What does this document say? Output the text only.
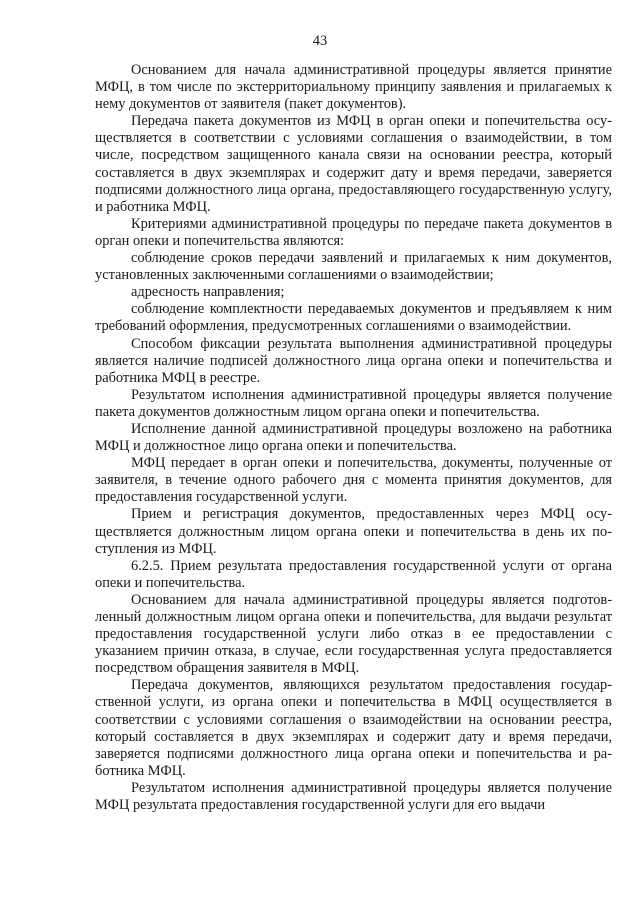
43

Основанием для начала административной процедуры является принятие МФЦ, в том числе по экстерриториальному принципу заявления и прилагаемых к нему документов от заявителя (пакет документов).

Передача пакета документов из МФЦ в орган опеки и попечительства осуществляется в соответствии с условиями соглашения о взаимодействии, в том числе, посредством защищенного канала связи на основании реестра, который составляется в двух экземплярах и содержит дату и время передачи, заверяется подписями должностного лица органа, предоставляющего государственную услугу, и работника МФЦ.

Критериями административной процедуры по передаче пакета документов в орган опеки и попечительства являются:

соблюдение сроков передачи заявлений и прилагаемых к ним документов, установленных заключенными соглашениями о взаимодействии;

адресность направления;

соблюдение комплектности передаваемых документов и предъявляем к ним требований оформления, предусмотренных соглашениями о взаимодействии.

Способом фиксации результата выполнения административной процедуры является наличие подписей должностного лица органа опеки и попечительства и работника МФЦ в реестре.

Результатом исполнения административной процедуры является получение пакета документов должностным лицом органа опеки и попечительства.

Исполнение данной административной процедуры возложено на работника МФЦ и должностное лицо органа опеки и попечительства.

МФЦ передает в орган опеки и попечительства, документы, полученные от заявителя, в течение одного рабочего дня с момента принятия документов, для предоставления государственной услуги.

Прием и регистрация документов, предоставленных через МФЦ осуществляется должностным лицом органа опеки и попечительства в день их поступления из МФЦ.

6.2.5. Прием результата предоставления государственной услуги от органа опеки и попечительства.

Основанием для начала административной процедуры является подготовленный должностным лицом органа опеки и попечительства, для выдачи результат предоставления государственной услуги либо отказ в ее предоставлении с указанием причин отказа, в случае, если государственная услуга предоставляется посредством обращения заявителя в МФЦ.

Передача документов, являющихся результатом предоставления государственной услуги, из органа опеки и попечительства в МФЦ осуществляется в соответствии с условиями соглашения о взаимодействии на основании реестра, который составляется в двух экземплярах и содержит дату и время передачи, заверяется подписями должностного лица органа опеки и попечительства и работника МФЦ.

Результатом исполнения административной процедуры является получение МФЦ результата предоставления государственной услуги для его выдачи
